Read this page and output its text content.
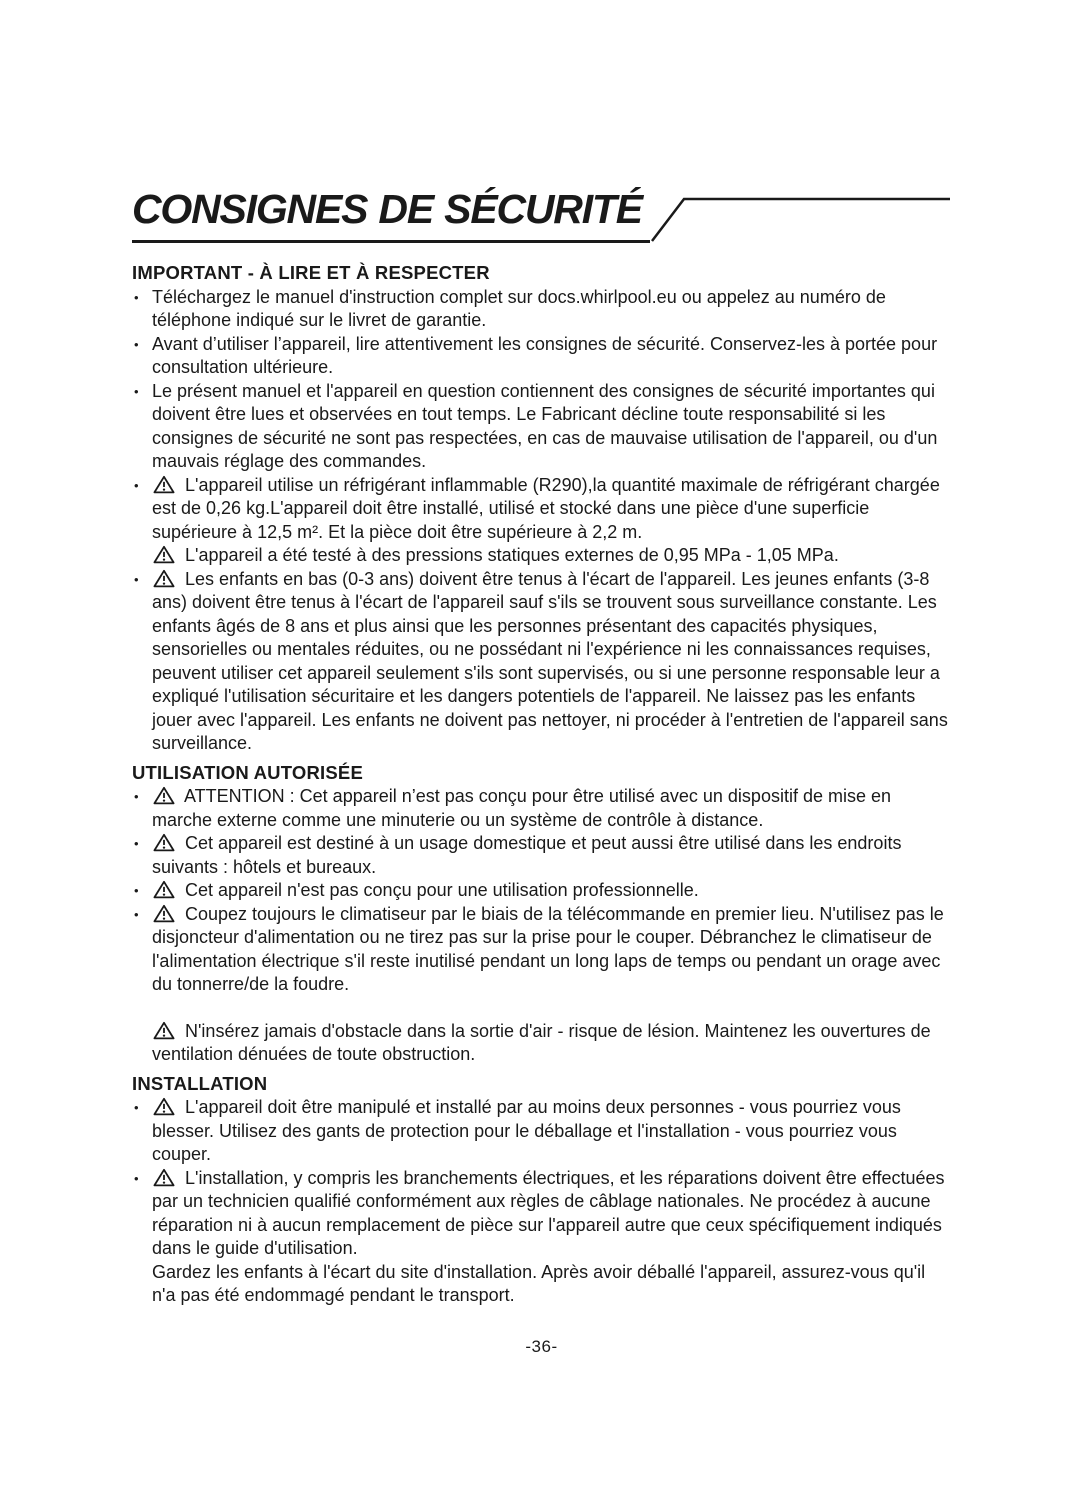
CONSIGNES DE SÉCURITÉ
IMPORTANT - À LIRE ET À RESPECTER
• Téléchargez le manuel d'instruction complet sur docs.whirlpool.eu ou appelez au numéro de téléphone indiqué sur le livret de garantie.
• Avant d’utiliser l’appareil, lire attentivement les consignes de sécurité. Conservez-les à portée pour consultation ultérieure.
• Le présent manuel et l'appareil en question contiennent des consignes de sécurité importantes qui doivent être lues et observées en tout temps. Le Fabricant décline toute responsabilité si les consignes de sécurité ne sont pas respectées, en cas de mauvaise utilisation de l'appareil, ou d'un mauvais réglage des commandes.
•	L'appareil utilise un réfrigérant inflammable (R290),la quantité maximale de réfrigérant chargée est de 0,26 kg.L'appareil doit être installé, utilisé et stocké dans une pièce d'une superficie supérieure à 12,5 m². Et la pièce doit être supérieure à 2,2 m.

L'appareil a été testé à des pressions statiques externes de 0,95 MPa - 1,05 MPa.
•	Les enfants en bas (0-3 ans) doivent être tenus à l'écart de l'appareil. Les jeunes enfants (3-8 ans) doivent être tenus à l'écart de l'appareil sauf s'ils se trouvent sous surveillance constante. Les enfants âgés de 8 ans et plus ainsi que les personnes présentant des capacités physiques, sensorielles ou mentales réduites, ou ne possédant ni l'expérience ni les connaissances requises, peuvent utiliser cet appareil seulement s'ils sont supervisés, ou si une personne responsable leur a expliqué l'utilisation sécuritaire et les dangers potentiels de l'appareil. Ne laissez pas les enfants jouer avec l'appareil. Les enfants ne doivent pas nettoyer, ni procéder à l'entretien de l'appareil sans surveillance.
UTILISATION AUTORISÉE
•	ATTENTION : Cet appareil n’est pas conçu pour être utilisé avec un dispositif de mise en marche externe comme une minuterie ou un système de contrôle à distance.
•	Cet appareil est destiné à un usage domestique et peut aussi être utilisé dans les endroits suivants : hôtels et bureaux.
•	Cet appareil n'est pas conçu pour une utilisation professionnelle.
•	Coupez toujours le climatiseur par le biais de la télécommande en premier lieu. N'utilisez pas le disjoncteur d'alimentation ou ne tirez pas sur la prise pour le couper. Débranchez le climatiseur de l'alimentation électrique s'il reste inutilisé pendant un long laps de temps ou pendant un orage avec du tonnerre/de la foudre.
N'insérez jamais d'obstacle dans la sortie d'air - risque de lésion. Maintenez les ouvertures de ventilation dénuées de toute obstruction.
INSTALLATION
•	L'appareil doit être manipulé et installé par au moins deux personnes - vous pourriez vous blesser. Utilisez des gants de protection pour le déballage et l'installation - vous pourriez vous couper.
•	L'installation, y compris les branchements électriques, et les réparations doivent être effectuées par un technicien qualifié conformément aux règles de câblage nationales. Ne procédez à aucune réparation ni à aucun remplacement de pièce sur l'appareil autre que ceux spécifiquement indiqués dans le guide d'utilisation.
Gardez les enfants à l'écart du site d'installation. Après avoir déballé l'appareil, assurez-vous qu'il n'a pas été endommagé pendant le transport.
-36-
